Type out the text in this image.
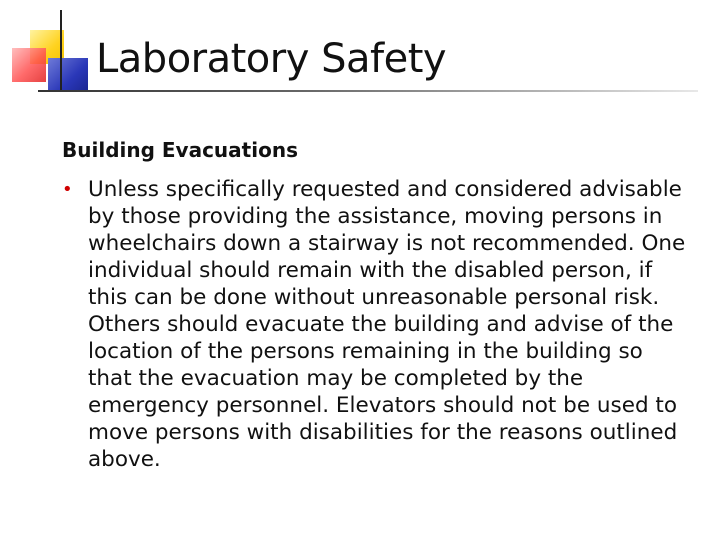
Laboratory Safety
Building Evacuations
• Unless specifically requested and considered advisable by those providing the assistance, moving persons in wheelchairs down a stairway is not recommended. One individual should remain with the disabled person, if this can be done without unreasonable personal risk. Others should evacuate the building and advise of the location of the persons remaining in the building so that the evacuation may be completed by the emergency personnel. Elevators should not be used to move persons with disabilities for the reasons outlined above.
